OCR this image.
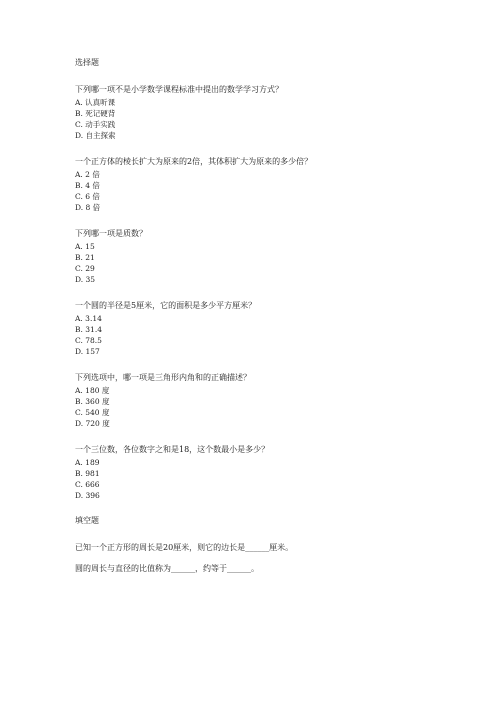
选择题
下列哪一项不是小学数学课程标准中提出的数学学习方式？
A. 认真听课
B. 死记硬背
C. 动手实践
D. 自主探索
一个正方体的棱长扩大为原来的2倍，其体积扩大为原来的多少倍？
A. 2 倍
B. 4 倍
C. 6 倍
D. 8 倍
下列哪一项是质数？
A. 15
B. 21
C. 29
D. 35
一个圆的半径是5厘米，它的面积是多少平方厘米？
A. 3.14
B. 31.4
C. 78.5
D. 157
下列选项中，哪一项是三角形内角和的正确描述？
A. 180 度
B. 360 度
C. 540 度
D. 720 度
一个三位数，各位数字之和是18，这个数最小是多少？
A. 189
B. 981
C. 666
D. 396
填空题
已知一个正方形的周长是20厘米，则它的边长是______厘米。
圆的周长与直径的比值称为______，约等于______。
